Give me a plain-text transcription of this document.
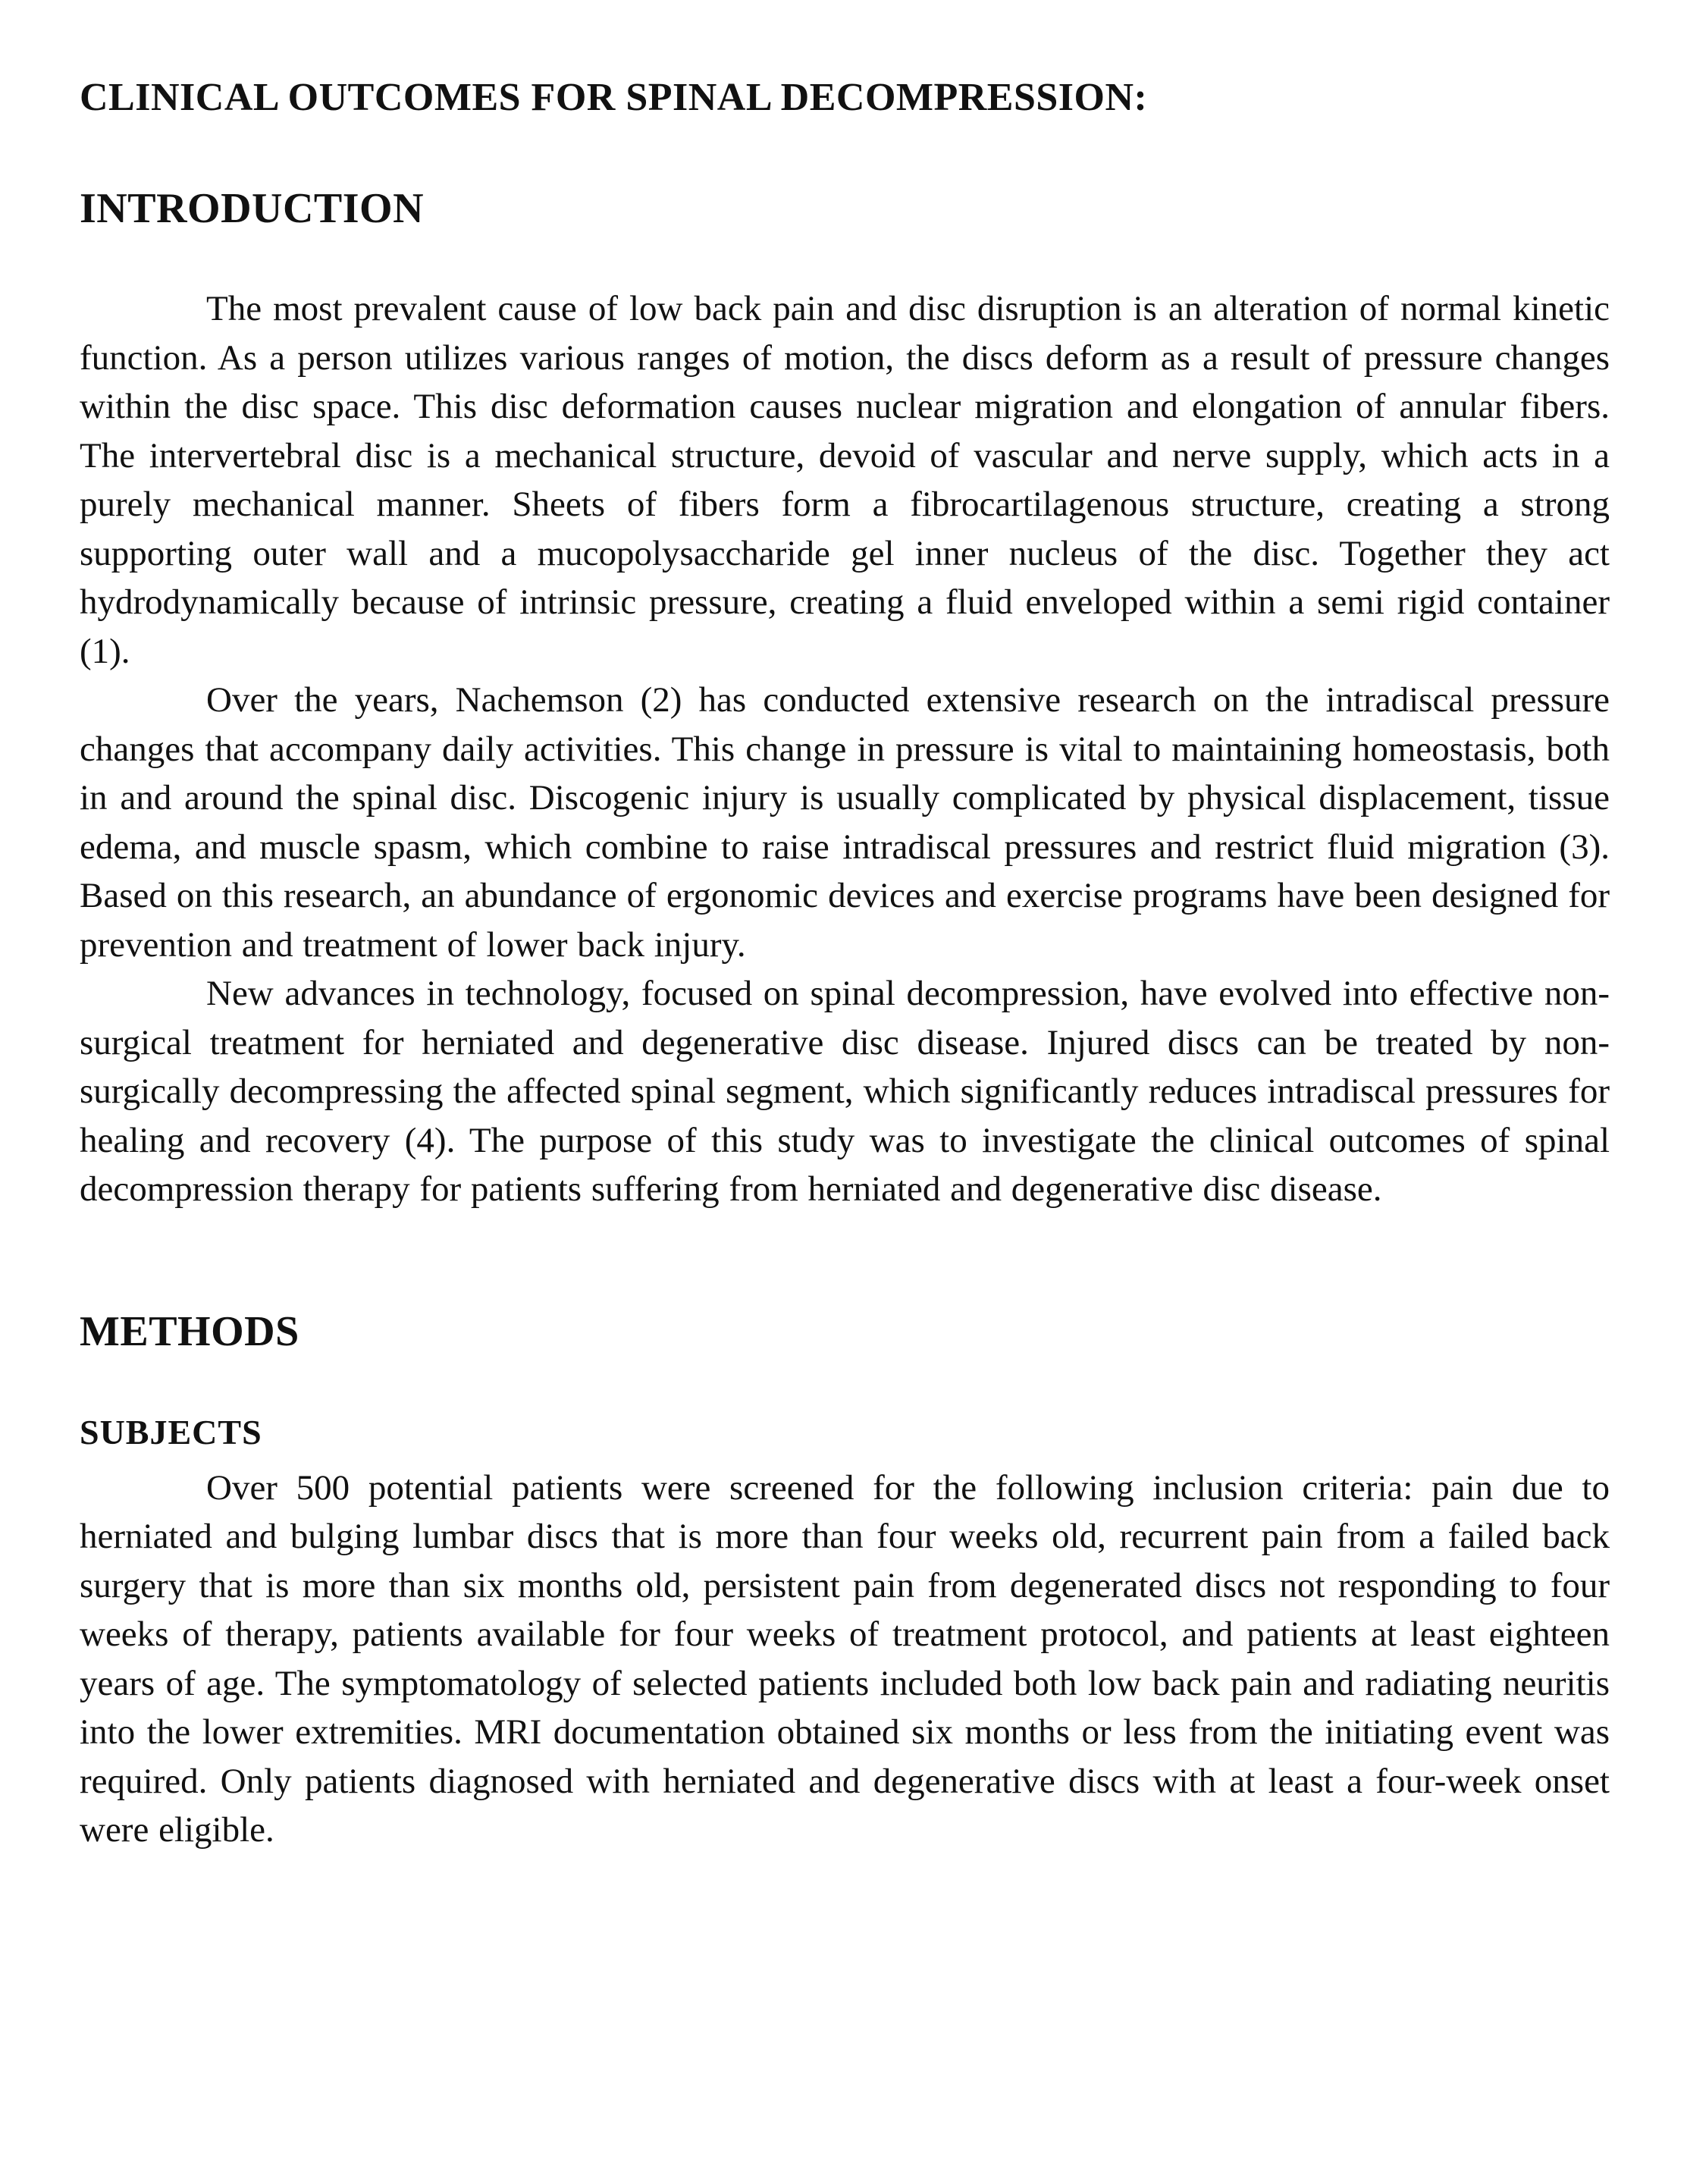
CLINICAL OUTCOMES FOR SPINAL DECOMPRESSION:
INTRODUCTION

The most prevalent cause of low back pain and disc disruption is an alteration of normal kinetic function. As a person utilizes various ranges of motion, the discs deform as a result of pressure changes within the disc space. This disc deformation causes nuclear migration and elongation of annular fibers. The intervertebral disc is a mechanical structure, devoid of vascular and nerve supply, which acts in a purely mechanical manner. Sheets of fibers form a fibrocartilagenous structure, creating a strong supporting outer wall and a mucopolysaccharide gel inner nucleus of the disc. Together they act hydrodynamically because of intrinsic pressure, creating a fluid enveloped within a semi rigid container (1).

Over the years, Nachemson (2) has conducted extensive research on the intradiscal pressure changes that accompany daily activities. This change in pressure is vital to maintaining homeostasis, both in and around the spinal disc. Discogenic injury is usually complicated by physical displacement, tissue edema, and muscle spasm, which combine to raise intradiscal pressures and restrict fluid migration (3). Based on this research, an abundance of ergonomic devices and exercise programs have been designed for prevention and treatment of lower back injury.

New advances in technology, focused on spinal decompression, have evolved into effective non-surgical treatment for herniated and degenerative disc disease. Injured discs can be treated by non-surgically decompressing the affected spinal segment, which significantly reduces intradiscal pressures for healing and recovery (4). The purpose of this study was to investigate the clinical outcomes of spinal decompression therapy for patients suffering from herniated and degenerative disc disease.

METHODS
SUBJECTS

Over 500 potential patients were screened for the following inclusion criteria: pain due to herniated and bulging lumbar discs that is more than four weeks old, recurrent pain from a failed back surgery that is more than six months old, persistent pain from degenerated discs not responding to four weeks of therapy, patients available for four weeks of treatment protocol, and patients at least eighteen years of age. The symptomatology of selected patients included both low back pain and radiating neuritis into the lower extremities. MRI documentation obtained six months or less from the initiating event was required. Only patients diagnosed with herniated and degenerative discs with at least a four-week onset were eligible.
